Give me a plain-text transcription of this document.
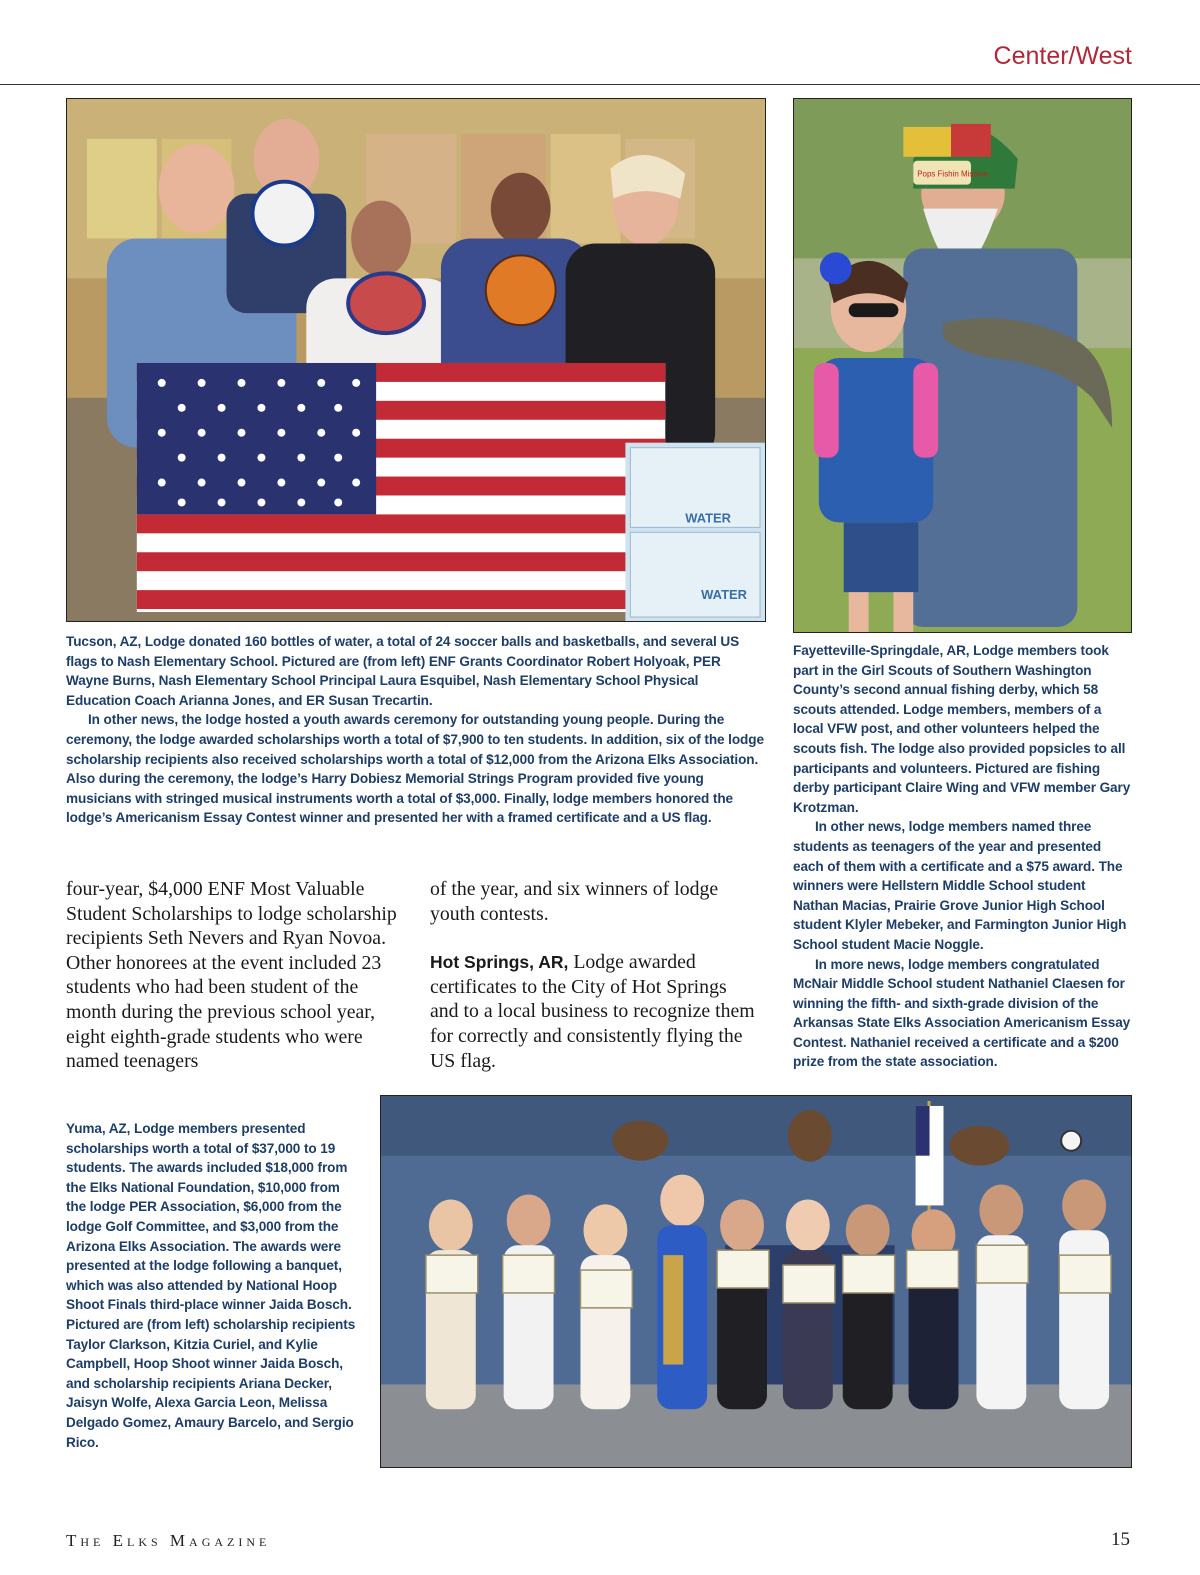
Center/West
WATER
WATER
Pops Fishin Mission

Tucson, AZ, Lodge donated 160 bottles of water, a total of 24 soccer balls and basketballs, and several US flags to Nash Elementary School. Pictured are (from left) ENF Grants Coordinator Robert Holyoak, PER Wayne Burns, Nash Elementary School Principal Laura Esquibel, Nash Elementary School Physical Education Coach Arianna Jones, and ER Susan Trecartin.

In other news, the lodge hosted a youth awards ceremony for outstanding young people. During the ceremony, the lodge awarded scholarships worth a total of $7,900 to ten students. In addition, six of the lodge scholarship recipients also received scholarships worth a total of $12,000 from the Arizona Elks Association. Also during the ceremony, the lodge’s Harry Dobiesz Memorial Strings Program provided five young musicians with stringed musical instruments worth a total of $3,000. Finally, lodge members honored the lodge’s Americanism Essay Contest winner and presented her with a framed certificate and a US flag.

Fayetteville-Springdale, AR, Lodge members took part in the Girl Scouts of Southern Washington County’s second annual fishing derby, which 58 scouts attended. Lodge members, members of a local VFW post, and other volunteers helped the scouts fish. The lodge also provided popsicles to all participants and volunteers. Pictured are fishing derby participant Claire Wing and VFW member Gary Krotzman.

In other news, lodge members named three students as teenagers of the year and presented each of them with a certificate and a $75 award. The winners were Hellstern Middle School student Nathan Macias, Prairie Grove Junior High School student Klyler Mebeker, and Farmington Junior High School student Macie Noggle.

In more news, lodge members congratulated McNair Middle School student Nathaniel Claesen for winning the fifth- and sixth-grade division of the Arkansas State Elks Association Americanism Essay Contest. Nathaniel received a certificate and a $200 prize from the state association.

four-year, $4,000 ENF Most Valuable Student Scholarships to lodge scholarship recipients Seth Nevers and Ryan Novoa. Other honorees at the event included 23 students who had been student of the month during the previous school year, eight eighth-grade students who were named teenagers

of the year, and six winners of lodge youth contests.

Hot Springs, AR, Lodge awarded certificates to the City of Hot Springs and to a local business to recognize them for correctly and consistently flying the US flag.

Yuma, AZ, Lodge members presented scholarships worth a total of $37,000 to 19 students. The awards included $18,000 from the Elks National Foundation, $10,000 from the lodge PER Association, $6,000 from the lodge Golf Committee, and $3,000 from the Arizona Elks Association. The awards were presented at the lodge following a banquet, which was also attended by National Hoop Shoot Finals third-place winner Jaida Bosch. Pictured are (from left) scholarship recipients Taylor Clarkson, Kitzia Curiel, and Kylie Campbell, Hoop Shoot winner Jaida Bosch, and scholarship recipients Ariana Decker, Jaisyn Wolfe, Alexa Garcia Leon, Melissa Delgado Gomez, Amaury Barcelo, and Sergio Rico.

The Elks Magazine	15
